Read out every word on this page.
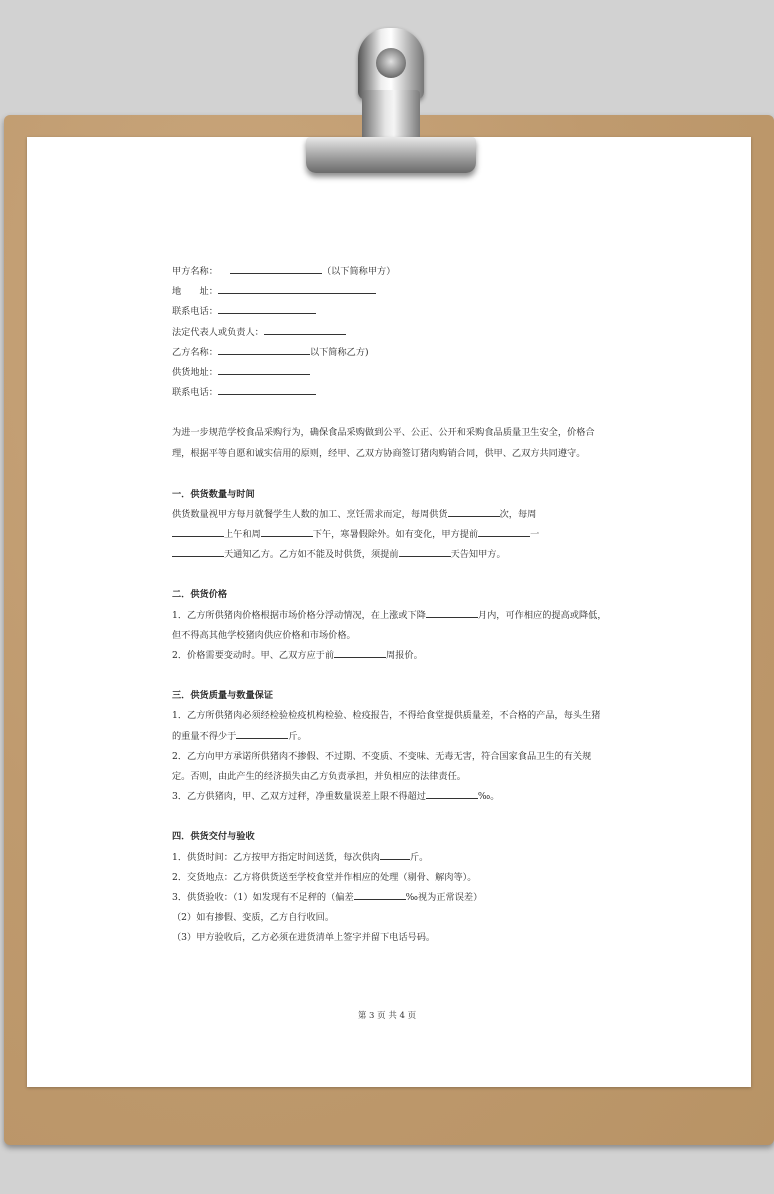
甲方名称：	（以下简称甲方）

地　　址：

联系电话：

法定代表人或负责人：

乙方名称：	以下简称乙方)

供货地址：

联系电话：

为进一步规范学校食品采购行为，确保食品采购做到公平、公正、公开和采购食品质量卫生安全，价格合理，根据平等自愿和诚实信用的原则，经甲、乙双方协商签订猪肉购销合同，供甲、乙双方共同遵守。

一．供货数量与时间

供货数量视甲方每月就餐学生人数的加工、烹饪需求而定，每周供货	次，每周
上午和周	下午，寒暑假除外。如有变化，甲方提前	一
天通知乙方。乙方如不能及时供货，须提前	天告知甲方。

二．供货价格

1．乙方所供猪肉价格根据市场价格分浮动情况，在上涨或下降	月内，可作相应的提高或降低，但不得高其他学校猪肉供应价格和市场价格。

2．价格需要变动时。甲、乙双方应于前	周报价。

三．供货质量与数量保证

1．乙方所供猪肉必须经检验检疫机构检验、检疫报告，不得给食堂提供质量差，不合格的产品，每头生猪的重量不得少于	斤。

2．乙方向甲方承诺所供猪肉不掺假、不过期、不变质、不变味、无毒无害，符合国家食品卫生的有关规定。否则，由此产生的经济损失由乙方负责承担，并负相应的法律责任。

3．乙方供猪肉，甲、乙双方过秤，净重数量误差上限不得超过	‰。

四．供货交付与验收

1．供货时间：乙方按甲方指定时间送货，每次供肉	斤。

2．交货地点：乙方将供货送至学校食堂并作相应的处理（剔骨、解肉等）。

3．供货验收：（1）如发现有不足秤的（偏差	‰视为正常误差）

（2）如有掺假、变质，乙方自行收回。

（3）甲方验收后，乙方必须在进货清单上签字并留下电话号码。

第 3 页 共 4 页
